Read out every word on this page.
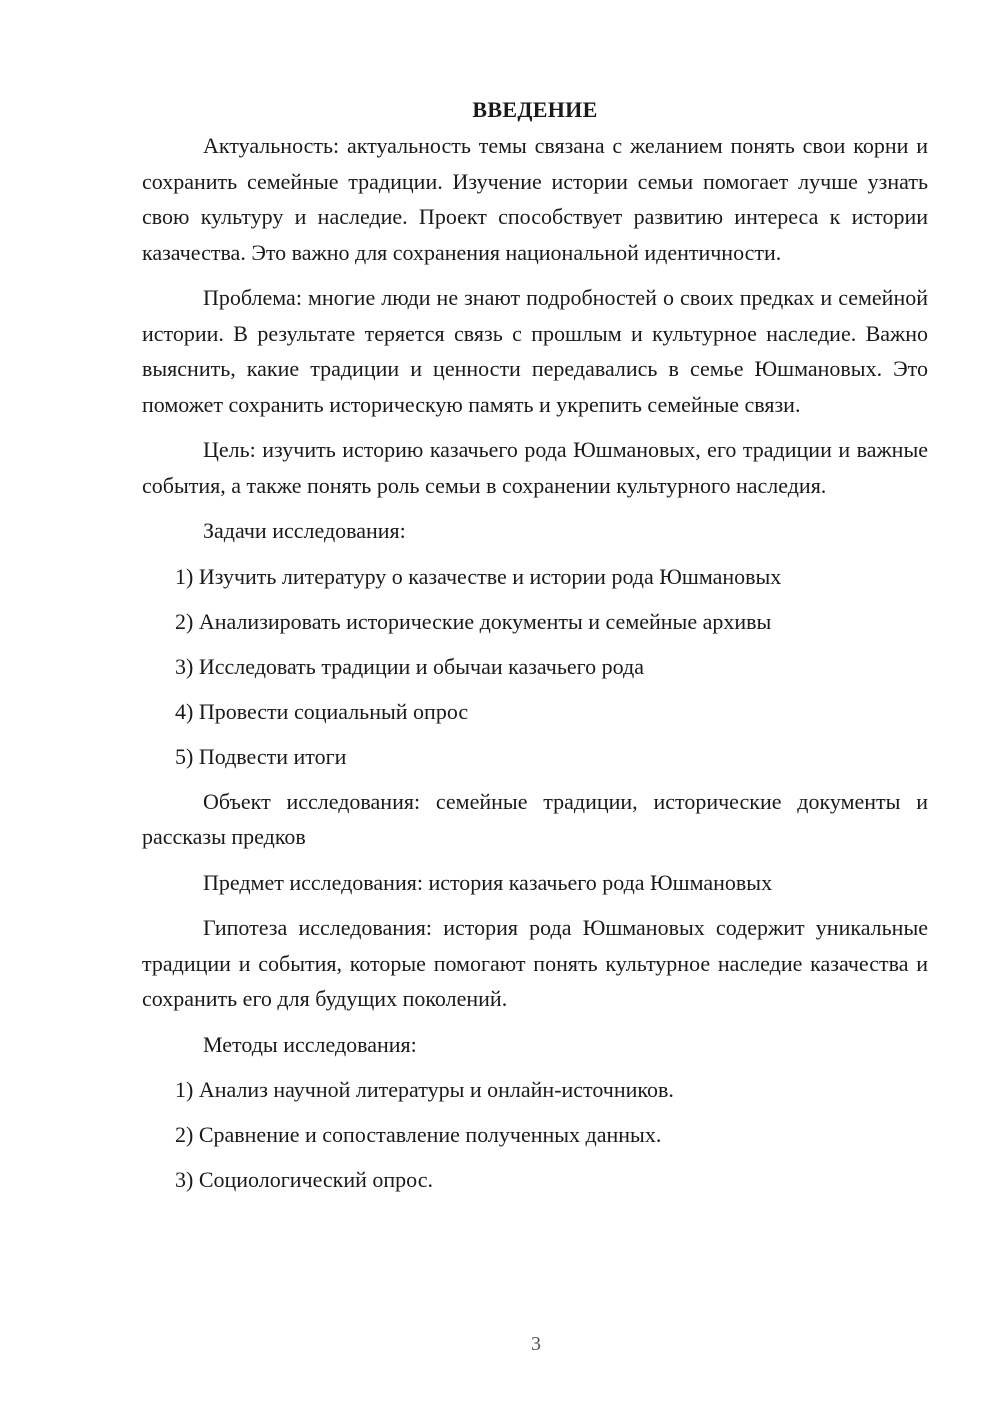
ВВЕДЕНИЕ

Актуальность: актуальность темы связана с желанием понять свои корни и сохранить семейные традиции. Изучение истории семьи помогает лучше узнать свою культуру и наследие. Проект способствует развитию интереса к истории казачества. Это важно для сохранения национальной идентичности.

Проблема: многие люди не знают подробностей о своих предках и семейной истории. В результате теряется связь с прошлым и культурное наследие. Важно выяснить, какие традиции и ценности передавались в семье Юшмановых. Это поможет сохранить историческую память и укрепить семейные связи.

Цель: изучить историю казачьего рода Юшмановых, его традиции и важные события, а также понять роль семьи в сохранении культурного наследия.

Задачи исследования:

1) Изучить литературу о казачестве и истории рода Юшмановых
2) Анализировать исторические документы и семейные архивы
3) Исследовать традиции и обычаи казачьего рода
4) Провести социальный опрос
5) Подвести итоги

Объект исследования: семейные традиции, исторические документы и рассказы предков

Предмет исследования: история казачьего рода Юшмановых

Гипотеза исследования: история рода Юшмановых содержит уникальные традиции и события, которые помогают понять культурное наследие казачества и сохранить его для будущих поколений.

Методы исследования:

1) Анализ научной литературы и онлайн-источников.
2) Сравнение и сопоставление полученных данных.
3) Социологический опрос.
3
